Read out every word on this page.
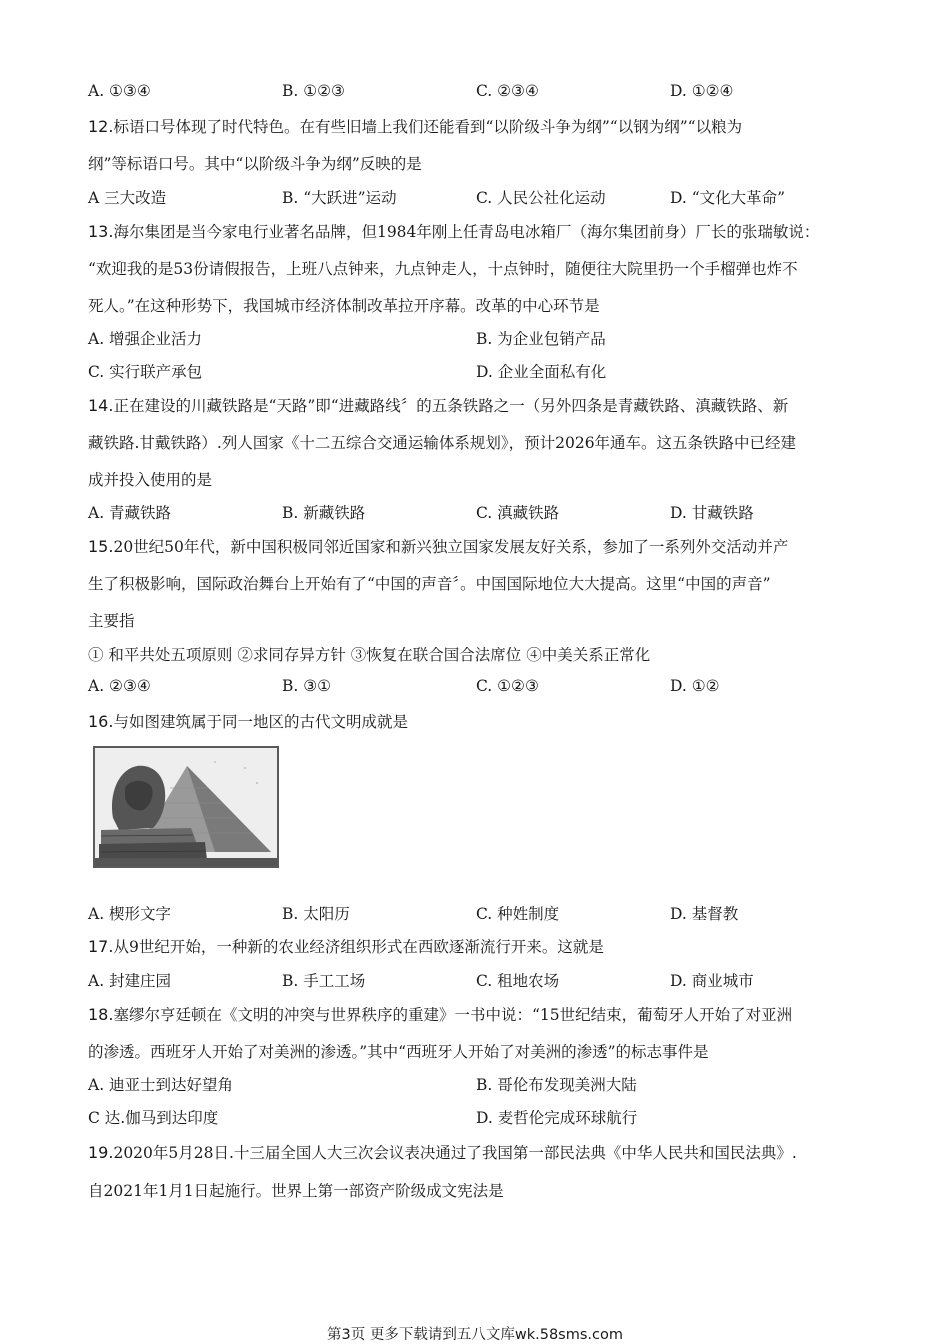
A. ①③④	B. ①②③	C. ②③④	D. ①②④
12.标语口号体现了时代特色。在有些旧墙上我们还能看到“以阶级斗争为纲”“以钢为纲”“以粮为
纲”等标语口号。其中“以阶级斗争为纲”反映的是
A 三大改造	B. “大跃进”运动	C. 人民公社化运动	D. “文化大革命”
13.海尔集团是当今家电行业著名品牌，但1984年刚上任青岛电冰箱厂（海尔集团前身）厂长的张瑞敏说：
“欢迎我的是53份请假报告，上班八点钟来，九点钟走人，十点钟时，随便往大院里扔一个手榴弹也炸不
死人。”在这种形势下，我国城市经济体制改革拉开序幕。改革的中心环节是
A. 增强企业活力	B. 为企业包销产品
C. 实行联产承包	D. 企业全面私有化
14.正在建设的川藏铁路是“天路”即“进藏路线〞的五条铁路之一（另外四条是青藏铁路、滇藏铁路、新
藏铁路.甘戴铁路）.列人国家《十二五综合交通运输体系规划》，预计2026年通车。这五条铁路中已经建
成并投入使用的是
A. 青藏铁路	B. 新藏铁路	C. 滇藏铁路	D. 甘藏铁路
15.20世纪50年代，新中国积极同邻近国家和新兴独立国家发展友好关系，参加了一系列外交活动并产
生了积极影响，国际政治舞台上开始有了“中国的声音〞。中国国际地位大大提高。这里“中国的声音”
主要指
① 和平共处五项原则 ②求同存异方针 ③恢复在联合国合法席位 ④中美关系正常化
A. ②③④	B. ③①	C. ①②③	D. ①②
16.与如图建筑属于同一地区的古代文明成就是
A. 楔形文字	B. 太阳历	C. 种姓制度	D. 基督教
17.从9世纪开始，一种新的农业经济组织形式在西欧逐渐流行开来。这就是
A. 封建庄园	B. 手工工场	C. 租地农场	D. 商业城市
18.塞缪尔亨廷顿在《文明的冲突与世界秩序的重建》一书中说：“15世纪结束，葡萄牙人开始了对亚洲
的渗透。西班牙人开始了对美洲的渗透。”其中“西班牙人开始了对美洲的渗透”的标志事件是
A. 迪亚士到达好望角	B. 哥伦布发现美洲大陆
C 达.伽马到达印度	D. 麦哲伦完成环球航行
19.2020年5月28日.十三届全国人大三次会议表决通过了我国第一部民法典《中华人民共和国民法典》.
自2021年1月1日起施行。世界上第一部资产阶级成文宪法是
第3页 更多下载请到五八文库wk.58sms.com
